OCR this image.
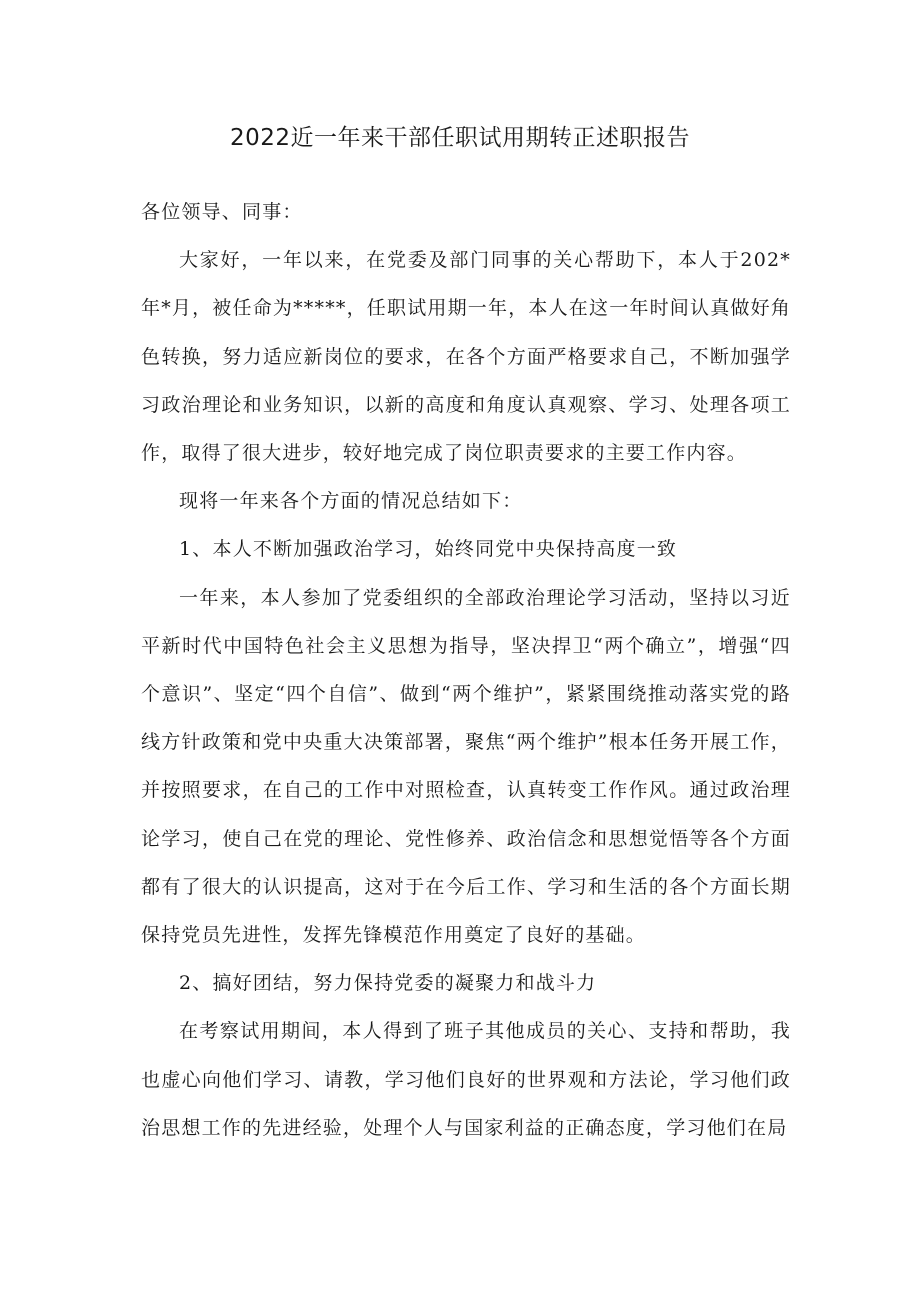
2022近一年来干部任职试用期转正述职报告

各位领导、同事：

大家好，一年以来，在党委及部门同事的关心帮助下，本人于202*年*月，被任命为*****，任职试用期一年，本人在这一年时间认真做好角色转换，努力适应新岗位的要求，在各个方面严格要求自己，不断加强学习政治理论和业务知识，以新的高度和角度认真观察、学习、处理各项工作，取得了很大进步，较好地完成了岗位职责要求的主要工作内容。

现将一年来各个方面的情况总结如下：

1、本人不断加强政治学习，始终同党中央保持高度一致

一年来，本人参加了党委组织的全部政治理论学习活动，坚持以习近平新时代中国特色社会主义思想为指导，坚决捍卫“两个确立”，增强“四个意识”、坚定“四个自信”、做到“两个维护”，紧紧围绕推动落实党的路线方针政策和党中央重大决策部署，聚焦“两个维护”根本任务开展工作，并按照要求，在自己的工作中对照检查，认真转变工作作风。通过政治理论学习，使自己在党的理论、党性修养、政治信念和思想觉悟等各个方面都有了很大的认识提高，这对于在今后工作、学习和生活的各个方面长期保持党员先进性，发挥先锋模范作用奠定了良好的基础。

2、搞好团结，努力保持党委的凝聚力和战斗力

在考察试用期间，本人得到了班子其他成员的关心、支持和帮助，我也虚心向他们学习、请教，学习他们良好的世界观和方法论，学习他们政治思想工作的先进经验，处理个人与国家利益的正确态度，学习他们在局
